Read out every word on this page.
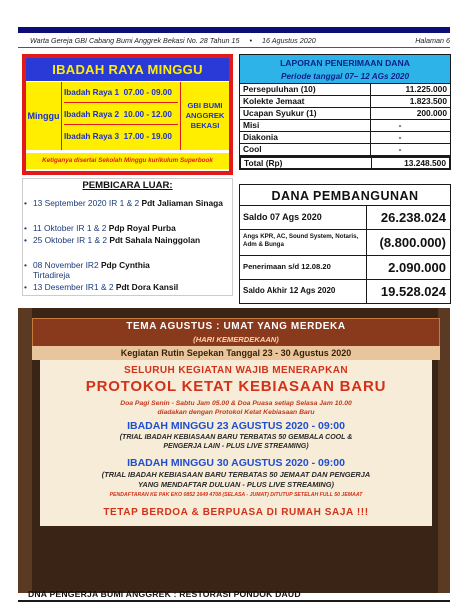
Warta Gereja GBI Cabang Bumi Anggrek Bekasi No. 28 Tahun 15 • 16 Agustus 2020	Halaman 6
IBADAH RAYA MINGGU
Minggu
Ibadah Raya 1 07.00 - 09.00
Ibadah Raya 2 10.00 - 12.00
Ibadah Raya 3 17.00 - 19.00
GBI BUMI
ANGGREK
BEKASI
Ketiganya disertai Sekolah Minggu kurikulum Superbook
PEMBICARA LUAR:
• 13 September 2020 IR 1 & 2 Pdt Jaliaman Sinaga
• 11 Oktober IR 1 & 2 Pdp Royal Purba
• 25 Oktober IR 1 & 2 Pdt Sahala Nainggolan
• 08 November IR2 Pdp Cynthia
Tirtadireja
• 13 Desember IR1 & 2 Pdt Dora Kansil
LAPORAN PENERIMAAN DANA
Periode tanggal 07– 12 AGs 2020
Persepuluhan (10)	11.225.000
Kolekte Jemaat	1.823.500
Ucapan Syukur (1)	200.000
Misi	-
Diakonia	-
Cool	-
Total (Rp)	13.248.500
DANA PEMBANGUNAN
Saldo 07 Ags 2020	26.238.024
Angs KPR, AC, Sound System, Notaris, Adm & Bunga	(8.800.000)
Penerimaan s/d 12.08.20	2.090.000
Saldo Akhir 12 Ags 2020	19.528.024
TEMA AGUSTUS : UMAT YANG MERDEKA
(HARI KEMERDEKAAN)
Kegiatan Rutin Sepekan Tanggal 23 - 30 Agustus 2020
SELURUH KEGIATAN WAJIB MENERAPKAN
PROTOKOL KETAT KEBIASAAN BARU
Doa Pagi Senin - Sabtu Jam 05.00 & Doa Puasa setiap Selasa Jam 10.00
diadakan dengan Protokol Ketat Kebiasaan Baru
IBADAH MINGGU 23 AGUSTUS 2020 - 09:00
(TRIAL IBADAH KEBIASAAN BARU TERBATAS 50 GEMBALA COOL &
PENGERJA LAIN - PLUS LIVE STREAMING)
IBADAH MINGGU 30 AGUSTUS 2020 - 09:00
(TRIAL IBADAH KEBIASAAN BARU TERBATAS 50 JEMAAT DAN PENGERJA
YANG MENDAFTAR DULUAN - PLUS LIVE STREAMING)
PENDAFTARAN KE PAK EKO 0852 1649 4708 (SELASA - JUMAT) DITUTUP SETELAH FULL 50 JEMAAT
TETAP BERDOA & BERPUASA DI RUMAH SAJA !!!
DNA PENGERJA BUMI ANGGREK : RESTORASI PONDOK DAUD
